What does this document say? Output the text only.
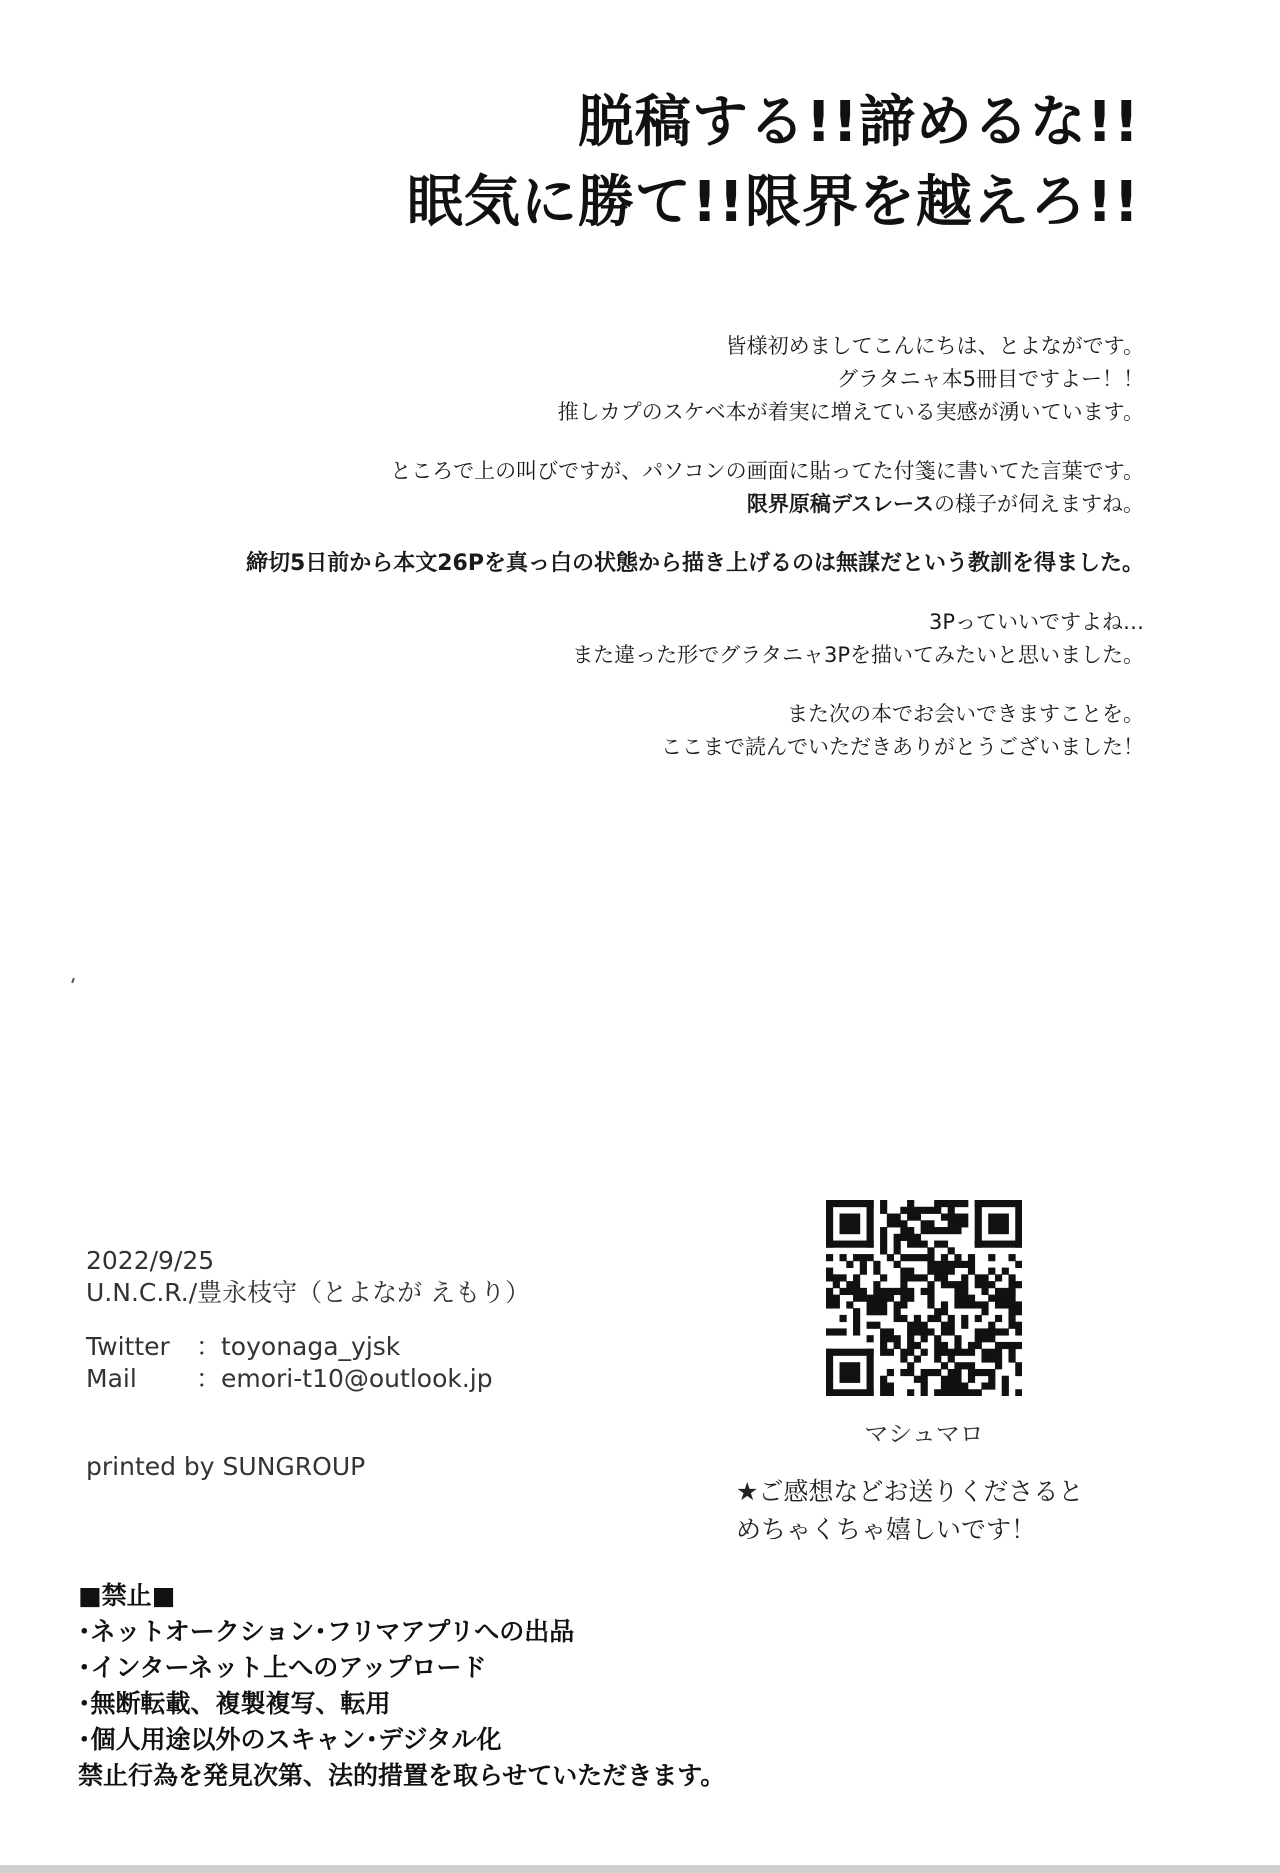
脱稿する!!諦めるな!!
眠気に勝て!!限界を越えろ!!
皆様初めましてこんにちは、とよながです。
グラタニャ本5冊目ですよー！！
推しカプのスケベ本が着実に増えている実感が湧いています。
ところで上の叫びですが、パソコンの画面に貼ってた付箋に書いてた言葉です。
限界原稿デスレースの様子が伺えますね。
締切5日前から本文26Pを真っ白の状態から描き上げるのは無謀だという教訓を得ました。
3Pっていいですよね…
また違った形でグラタニャ3Pを描いてみたいと思いました。
また次の本でお会いできますことを。
ここまで読んでいただきありがとうございました！
2022/9/25
U.N.C.R./豊永枝守（とよなが えもり）
Twitter ：toyonaga_yjsk
Mail ：emori-t10@outlook.jp
printed by SUNGROUP
マシュマロ
★ご感想などお送りくださると
めちゃくちゃ嬉しいです！
■禁止■
･ネットオークション･フリマアプリへの出品
･インターネット上へのアップロード
･無断転載、複製複写、転用
･個人用途以外のスキャン･デジタル化
禁止行為を発見次第、法的措置を取らせていただきます。
